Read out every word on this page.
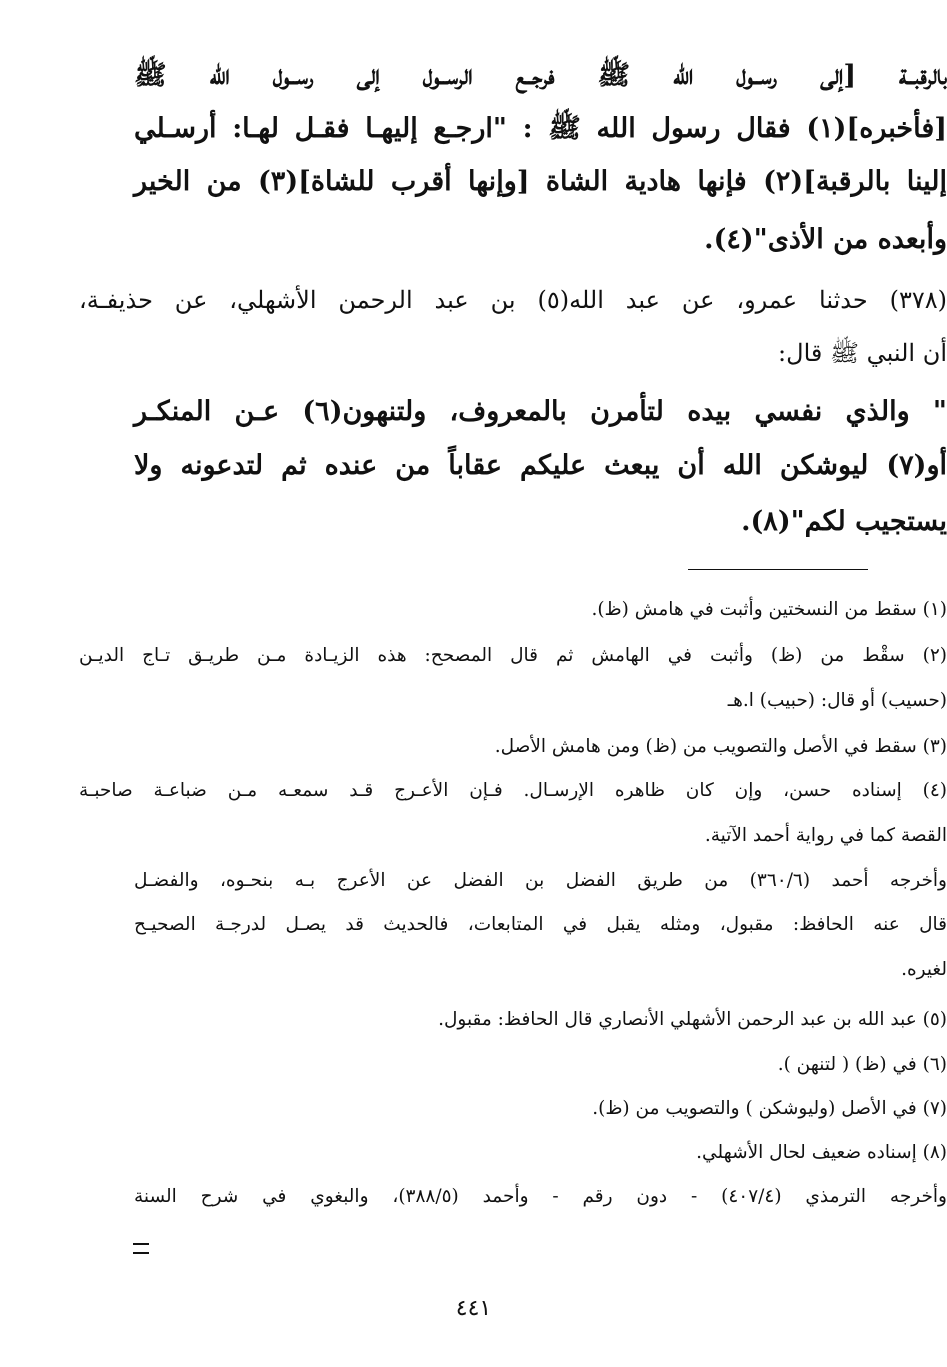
بالرقبــة [إلى رســول الله ﷺ فرجــع الرســول إلى رســول الله ﷺ

[فأخبره](١) فقال رسول الله ﷺ : "ارجـع إليهـا فقـل لهـا: أرسـلي

إلينا بالرقبة](٢) فإنها هادية الشاة [وإنها أقرب للشاة](٣) من الخير

وأبعده من الأذى"(٤).

(٣٧٨) حدثنا عمرو، عن عبد الله(٥) بن عبد الرحمن الأشهلي، عن حذيفـة،

أن النبي ﷺ قال:

" والذي نفسي بيده لتأمرن بالمعروف، ولتنهون(٦) عـن المنكـر

أو(٧) ليوشكن الله أن يبعث عليكم عقاباً من عنده ثم لتدعونه ولا

يستجيب لكم"(٨).

(١) سقط من النسختين وأثبت في هامش (ظ).

(٢) سقْط من (ظ) وأثبت في الهامش ثم قال المصحح: هذه الزيـادة مـن طريـق تـاج الديـن

(حسيب) أو قال: (حبيب) ا.هـ

(٣) سقط في الأصل والتصويب من (ظ) ومن هامش الأصل.

(٤) إسناده حسن، وإن كان ظاهره الإرسـال. فـإن الأعـرج قـد سمعـه مـن ضباعـة صاحبـة

القصة كما في رواية أحمد الآتية.

وأخرجه أحمد (٣٦٠/٦) من طريق الفضل بن الفضل عن الأعرج بـه بنحـوه، والفضـل

قال عنه الحافظ: مقبول، ومثله يقبل في المتابعات، فالحديث قد يصـل لدرجـة الصحيـح

لغيره.

(٥) عبد الله بن عبد الرحمن الأشهلي الأنصاري قال الحافظ: مقبول.

(٦) في (ظ) ( لتنهن ).

(٧) في الأصل (وليوشكن ) والتصويب من (ظ).

(٨) إسناده ضعيف لحال الأشهلي.

وأخرجه الترمذي (٤٠٧/٤) - دون رقم - وأحمد (٣٨٨/٥)، والبغوي في شرح السنة

٤٤١
